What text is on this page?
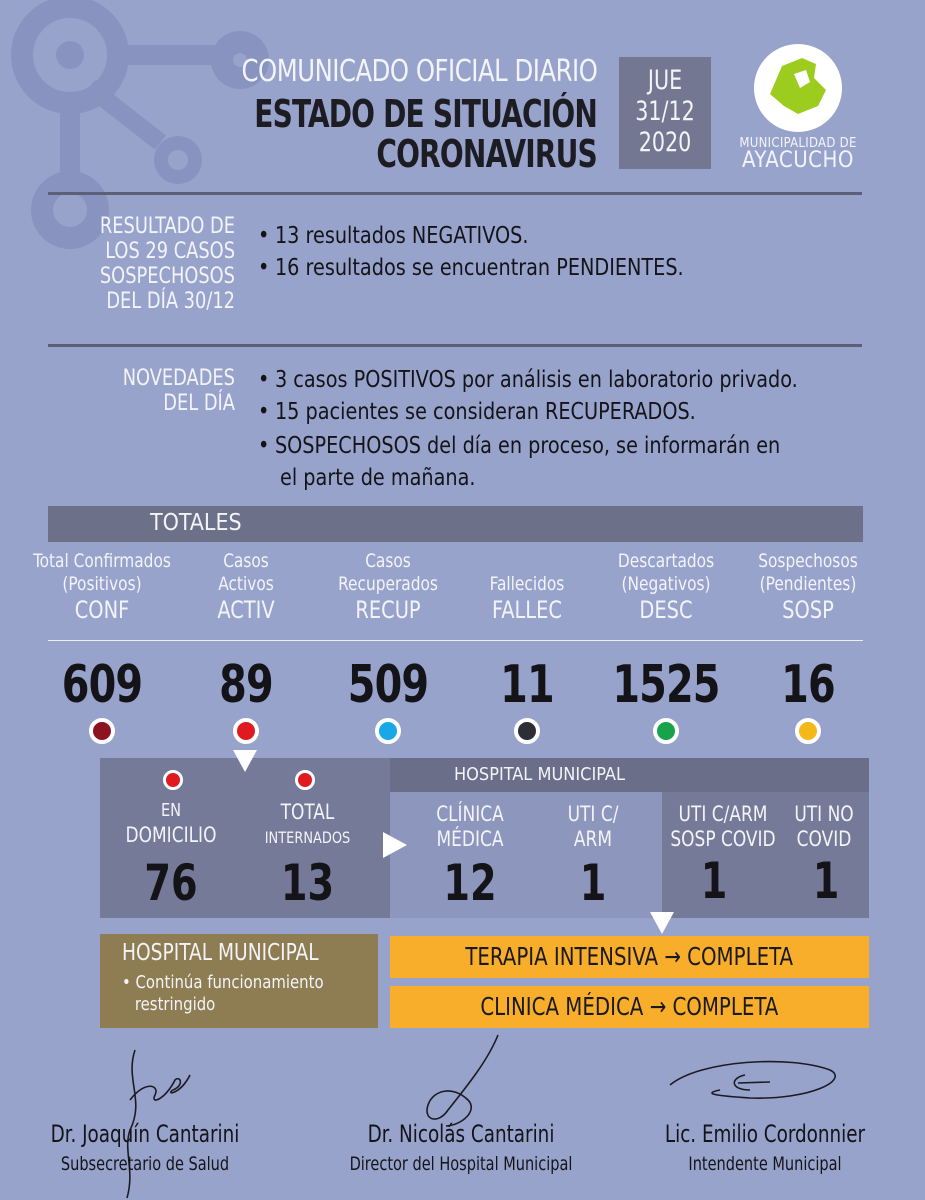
COMUNICADO OFICIAL DIARIO
ESTADO DE SITUACIÓN
CORONAVIRUS
JUE
31/12
2020	MUNICIPALIDAD DE
AYACUCHO
RESULTADO DE
LOS 29 CASOS
SOSPECHOSOS
DEL DÍA 30/12
• 13 resultados NEGATIVOS.
• 16 resultados se encuentran PENDIENTES.
NOVEDADES
DEL DÍA
• 3 casos POSITIVOS por análisis en laboratorio privado.
• 15 pacientes se consideran RECUPERADOS.
• SOSPECHOSOS del día en proceso, se informarán en
el parte de mañana.
TOTALES
Total Confirmados
(Positivos)
CONF
609
Casos
Activos
ACTIV
89
Casos
Recuperados
RECUP
509

Fallecidos
FALLEC
11
Descartados
(Negativos)
DESC
1525
Sospechosos
(Pendientes)
SOSP
16
HOSPITAL MUNICIPAL
EN
DOMICILIO
76
TOTAL
INTERNADOS
13
CLÍNICA
MÉDICA
12
UTI C/
ARM
1
UTI C/ARM
SOSP COVID
1
UTI NO
COVID
1
HOSPITAL MUNICIPAL
• Continúa funcionamiento
restringido
TERAPIA INTENSIVA → COMPLETA
CLINICA MÉDICA → COMPLETA
Dr. Joaquín Cantarini
Subsecretario de Salud
Dr. Nicolás Cantarini
Director del Hospital Municipal
Lic. Emilio Cordonnier
Intendente Municipal
